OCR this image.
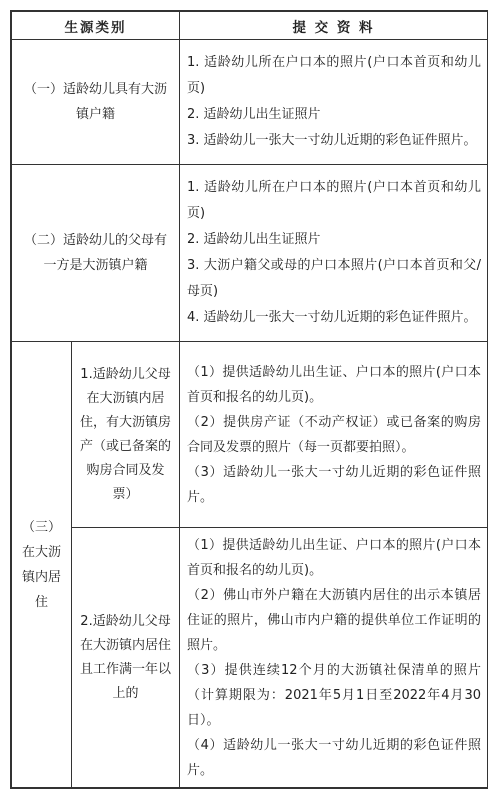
生源类别		提 交 资 料
（一）适龄幼儿具有大沥镇户籍		1. 适龄幼儿所在户口本的照片(户口本首页和幼儿页)
2. 适龄幼儿出生证照片
3. 适龄幼儿一张大一寸幼儿近期的彩色证件照片。

（二）适龄幼儿的父母有一方是大沥镇户籍		1. 适龄幼儿所在户口本的照片(户口本首页和幼儿页)
2. 适龄幼儿出生证照片
3. 大沥户籍父或母的户口本照片(户口本首页和父/母页)
4. 适龄幼儿一张大一寸幼儿近期的彩色证件照片。

（三）在大沥镇内居住	1.适龄幼儿父母在大沥镇内居住，有大沥镇房产（或已备案的购房合同及发票）	（1）提供适龄幼儿出生证、户口本的照片(户口本首页和报名的幼儿页)。
（2）提供房产证（不动产权证）或已备案的购房合同及发票的照片（每一页都要拍照）。
（3）适龄幼儿一张大一寸幼儿近期的彩色证件照片。

	2.适龄幼儿父母在大沥镇内居住且工作满一年以上的	（1）提供适龄幼儿出生证、户口本的照片(户口本首页和报名的幼儿页)。
（2）佛山市外户籍在大沥镇内居住的出示本镇居住证的照片，佛山市内户籍的提供单位工作证明的照片。
（3）提供连续12个月的大沥镇社保清单的照片（计算期限为：2021年5月1日至2022年4月30日）。
（4）适龄幼儿一张大一寸幼儿近期的彩色证件照片。
